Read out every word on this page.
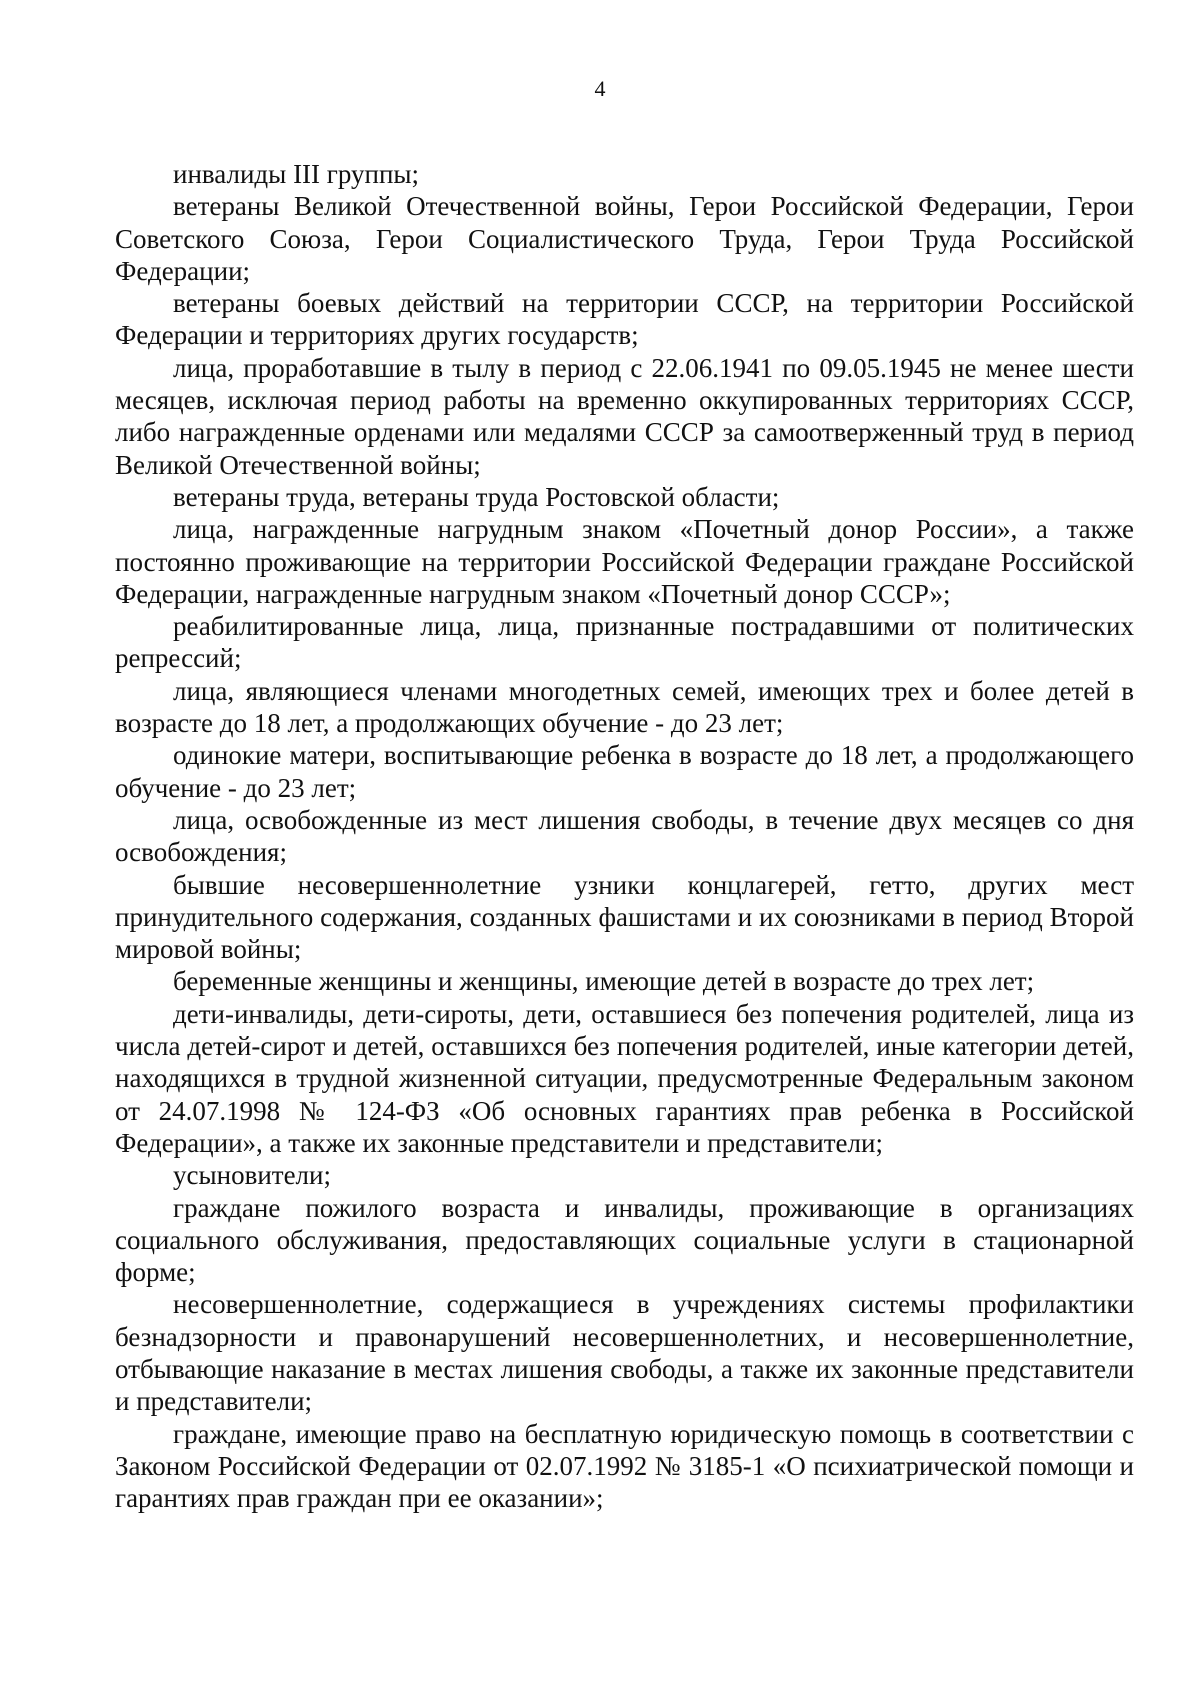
4

инвалиды III группы;

ветераны Великой Отечественной войны, Герои Российской Федерации, Герои Советского Союза, Герои Социалистического Труда, Герои Труда Российской Федерации;

ветераны боевых действий на территории СССР, на территории Российской Федерации и территориях других государств;

лица, проработавшие в тылу в период с 22.06.1941 по 09.05.1945 не менее шести месяцев, исключая период работы на временно оккупированных территориях СССР, либо награжденные орденами или медалями СССР за самоотверженный труд в период Великой Отечественной войны;

ветераны труда, ветераны труда Ростовской области;

лица, награжденные нагрудным знаком «Почетный донор России», а также постоянно проживающие на территории Российской Федерации граждане Российской Федерации, награжденные нагрудным знаком «Почетный донор СССР»;

реабилитированные лица, лица, признанные пострадавшими от политических репрессий;

лица, являющиеся членами многодетных семей, имеющих трех и более детей в возрасте до 18 лет, а продолжающих обучение - до 23 лет;

одинокие матери, воспитывающие ребенка в возрасте до 18 лет, а продолжающего обучение - до 23 лет;

лица, освобожденные из мест лишения свободы, в течение двух месяцев со дня освобождения;

бывшие несовершеннолетние узники концлагерей, гетто, других мест принудительного содержания, созданных фашистами и их союзниками в период Второй мировой войны;

беременные женщины и женщины, имеющие детей в возрасте до трех лет;

дети-инвалиды, дети-сироты, дети, оставшиеся без попечения родителей, лица из числа детей-сирот и детей, оставшихся без попечения родителей, иные категории детей, находящихся в трудной жизненной ситуации, предусмотренные Федеральным законом от 24.07.1998 № 124-ФЗ «Об основных гарантиях прав ребенка в Российской Федерации», а также их законные представители и представители;

усыновители;

граждане пожилого возраста и инвалиды, проживающие в организациях социального обслуживания, предоставляющих социальные услуги в стационарной форме;

несовершеннолетние, содержащиеся в учреждениях системы профилактики безнадзорности и правонарушений несовершеннолетних, и несовершеннолетние, отбывающие наказание в местах лишения свободы, а также их законные представители и представители;

граждане, имеющие право на бесплатную юридическую помощь в соответствии с Законом Российской Федерации от 02.07.1992 № 3185-1 «О психиатрической помощи и гарантиях прав граждан при ее оказании»;
